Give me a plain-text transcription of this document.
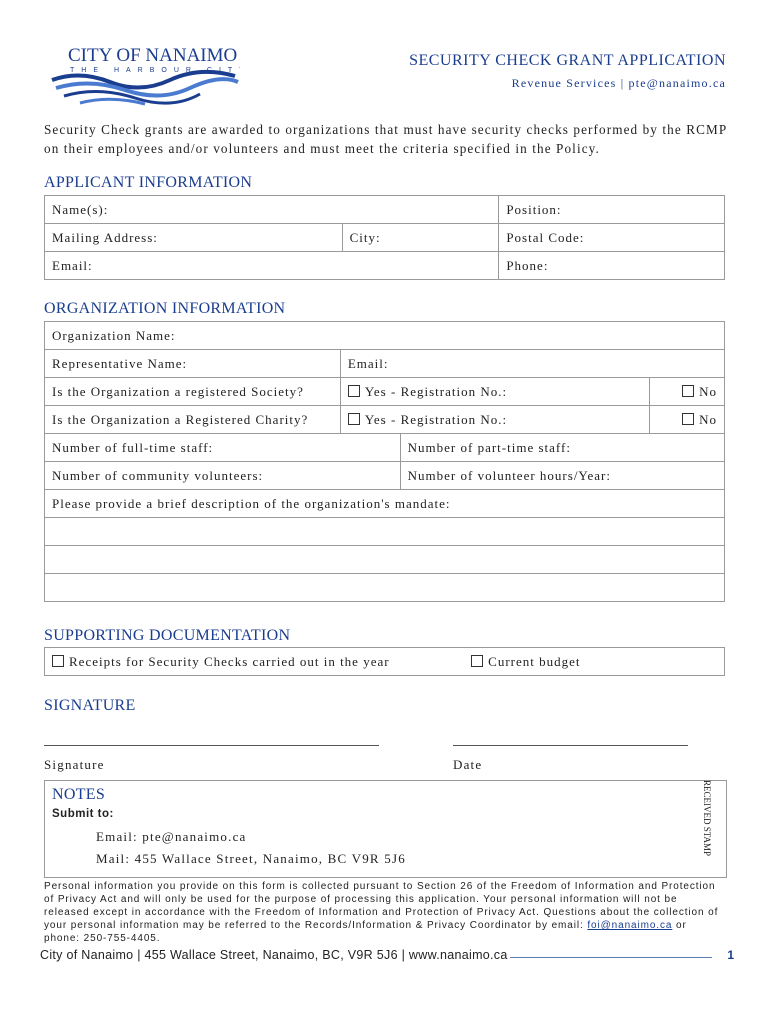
CITY OF NANAIMO
THE HARBOUR CITY
SECURITY CHECK GRANT APPLICATION
Revenue Services | pte@nanaimo.ca
Security Check grants are awarded to organizations that must have security checks performed by the RCMP on their employees and/or volunteers and must meet the criteria specified in the Policy.
APPLICANT INFORMATION
Name(s):		Position:
Mailing Address:	City:	Postal Code:
Email:		Phone:
ORGANIZATION INFORMATION
Organization Name:			
Representative Name:	Email:		
Is the Organization a registered Society?	Yes - Registration No.:		No
Is the Organization a Registered Charity?	Yes - Registration No.:		No
Number of full-time staff:		Number of part-time staff:	
Number of community volunteers:		Number of volunteer hours/Year:	
Please provide a brief description of the organization's mandate:			

SUPPORTING DOCUMENTATION
Receipts for Security Checks carried out in the year	Current budget
SIGNATURE
Signature	Date
NOTES
Submit to:
Email: pte@nanaimo.ca
Mail: 455 Wallace Street, Nanaimo, BC V9R 5J6
RECEIVED STAMP
Personal information you provide on this form is collected pursuant to Section 26 of the Freedom of Information and Protection of Privacy Act and will only be used for the purpose of processing this application. Your personal information will not be released except in accordance with the Freedom of Information and Protection of Privacy Act. Questions about the collection of your personal information may be referred to the Records/Information & Privacy Coordinator by email: foi@nanaimo.ca or phone: 250-755-4405.
City of Nanaimo | 455 Wallace Street, Nanaimo, BC, V9R 5J6 | www.nanaimo.ca	1
